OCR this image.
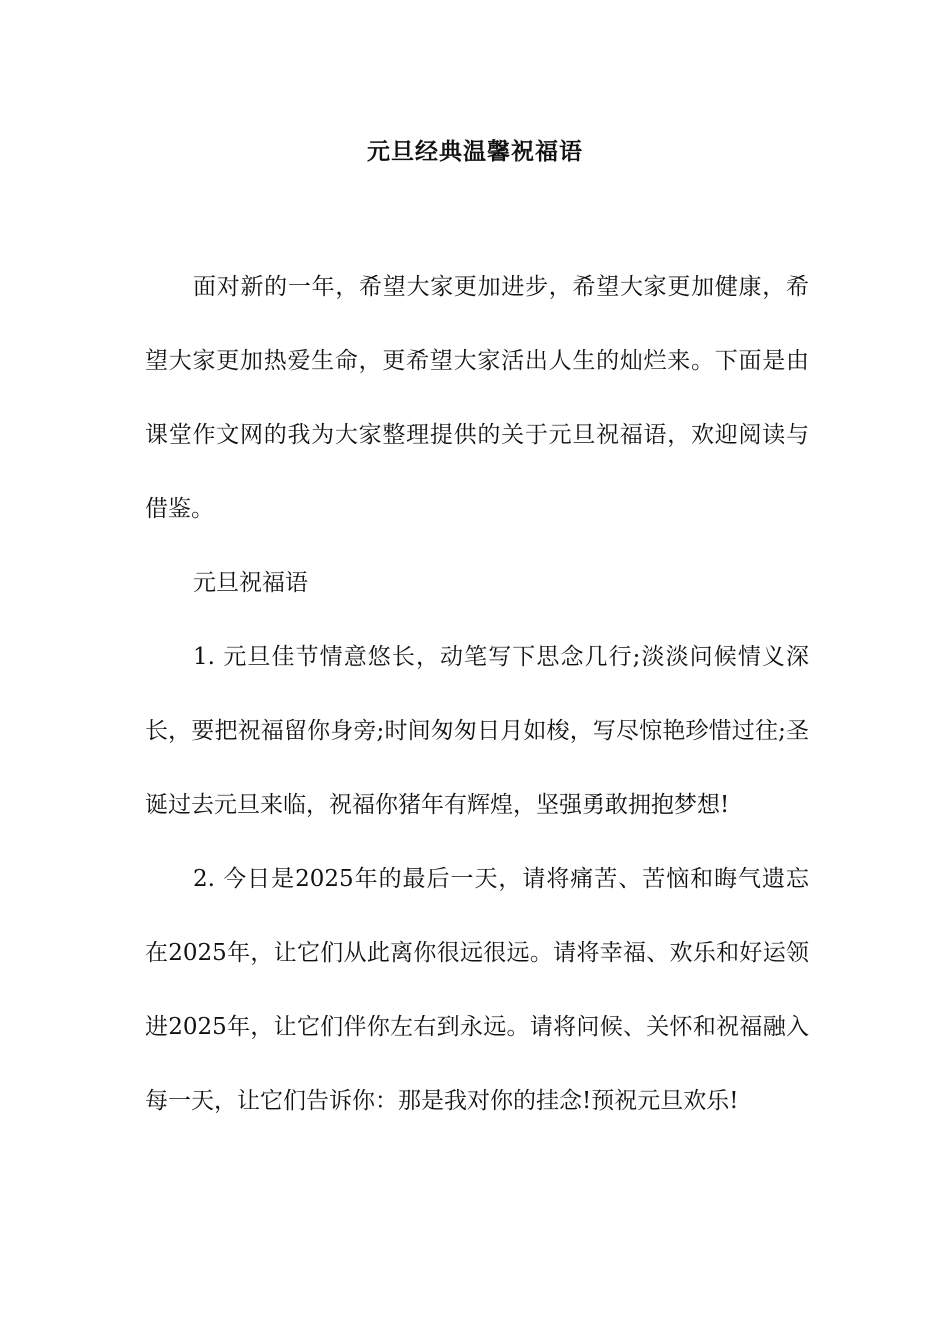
元旦经典温馨祝福语

面对新的一年，希望大家更加进步，希望大家更加健康，希望大家更加热爱生命，更希望大家活出人生的灿烂来。下面是由课堂作文网的我为大家整理提供的关于元旦祝福语，欢迎阅读与借鉴。

元旦祝福语

1. 元旦佳节情意悠长，动笔写下思念几行;淡淡问候情义深长，要把祝福留你身旁;时间匆匆日月如梭，写尽惊艳珍惜过往;圣诞过去元旦来临，祝福你猪年有辉煌，坚强勇敢拥抱梦想!

2. 今日是2025年的最后一天，请将痛苦、苦恼和晦气遗忘在2025年，让它们从此离你很远很远。请将幸福、欢乐和好运领进2025年，让它们伴你左右到永远。请将问候、关怀和祝福融入每一天，让它们告诉你：那是我对你的挂念!预祝元旦欢乐!
